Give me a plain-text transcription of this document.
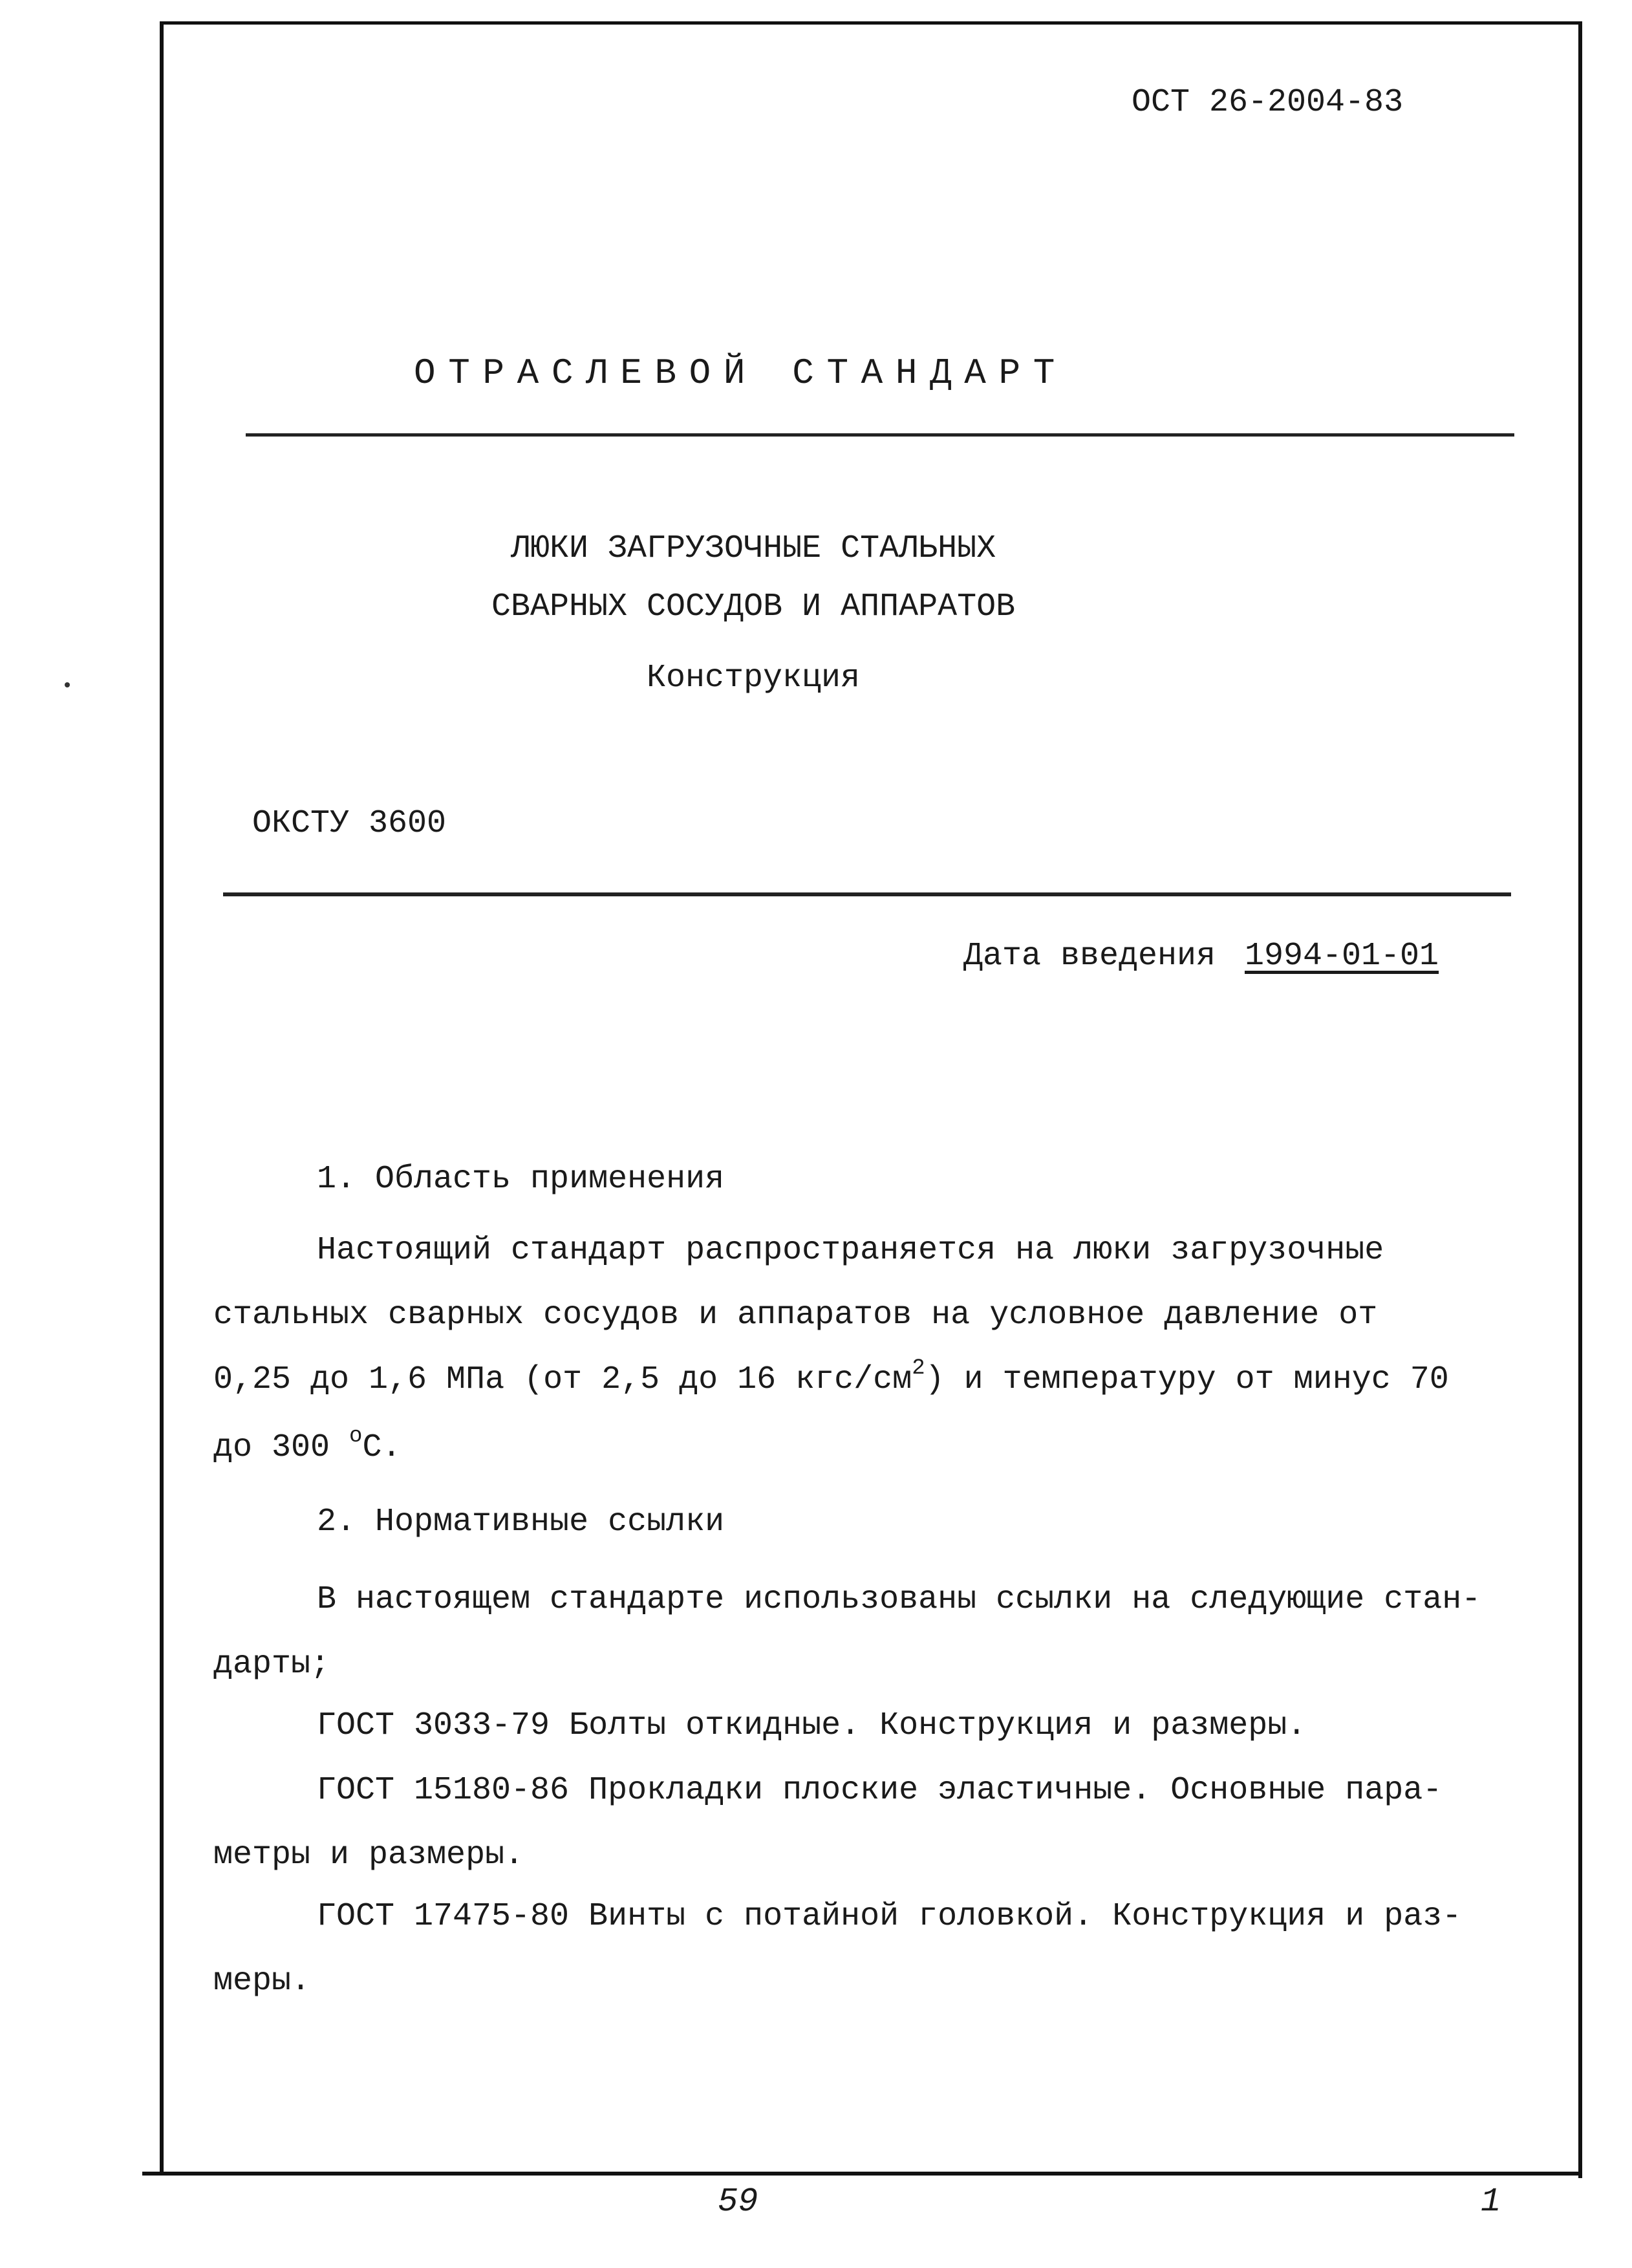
ОСТ 26-2004-83
ОТРАСЛЕВОЙ СТАНДАРТ
ЛЮКИ ЗАГРУЗОЧНЫЕ СТАЛЬНЫХ
СВАРНЫХ СОСУДОВ И АППАРАТОВ
Конструкция
ОКСТУ 3600
Дата введения 1994-01-01
1. Область применения
Настоящий стандарт распространяется на люки загрузочные
стальных сварных сосудов и аппаратов на условное давление от
0,25 до 1,6 МПа (от 2,5 до 16 кгс/$см^2$) и температуру от минус 70
до 300 $^о$С.
2. Нормативные ссылки
В настоящем стандарте использованы ссылки на следующие стан-
дарты;
ГОСТ 3033-79 Болты откидные. Конструкция и размеры.
ГОСТ 15180-86 Прокладки плоские эластичные. Основные пара-
метры и размеры.
ГОСТ 17475-80 Винты с потайной головкой. Конструкция и раз-
меры.
59	1
